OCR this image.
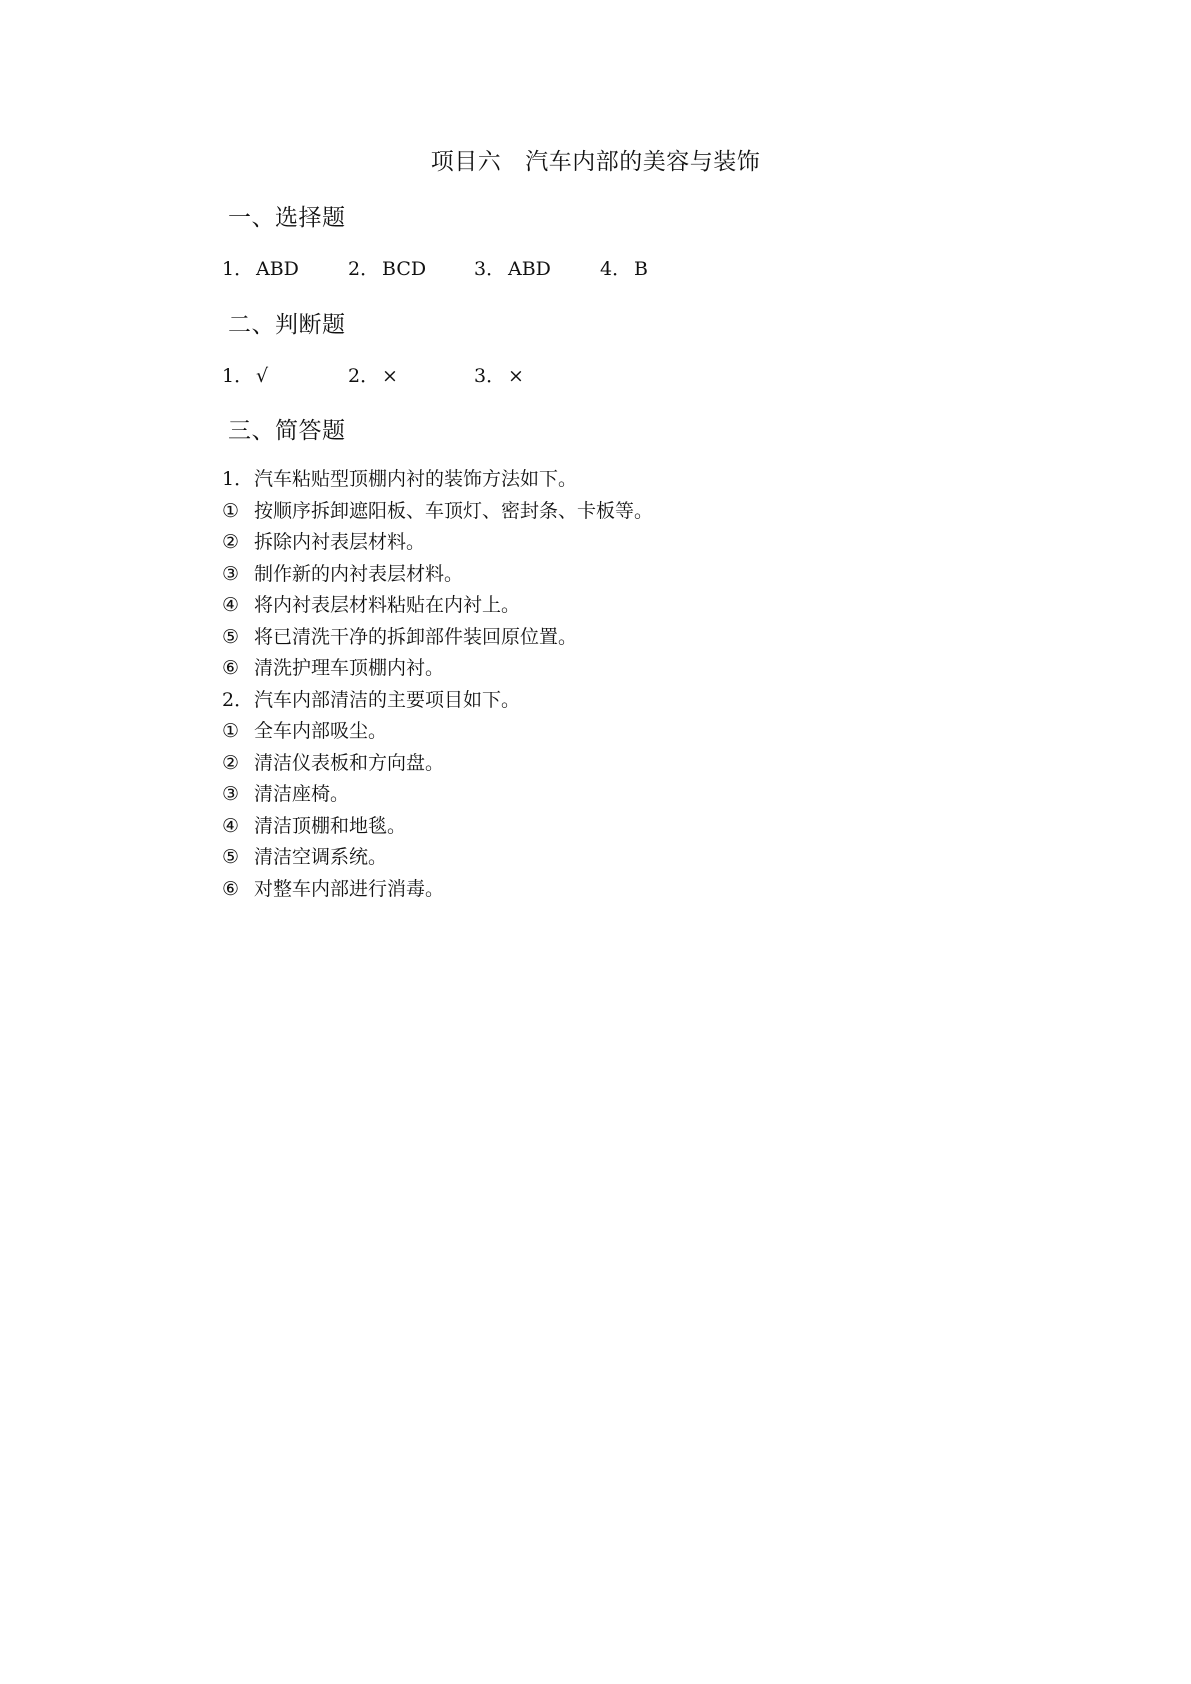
项目六 汽车内部的美容与装饰
一、选择题
1． ABD	2． BCD	3． ABD	4． B
二、判断题
1． √	2． ×	3． ×
三、简答题
1．汽车粘贴型顶棚内衬的装饰方法如下。
① 按顺序拆卸遮阳板、车顶灯、密封条、卡板等。
② 拆除内衬表层材料。
③ 制作新的内衬表层材料。
④ 将内衬表层材料粘贴在内衬上。
⑤ 将已清洗干净的拆卸部件装回原位置。
⑥ 清洗护理车顶棚内衬。
2．汽车内部清洁的主要项目如下。
① 全车内部吸尘。
② 清洁仪表板和方向盘。
③ 清洁座椅。
④ 清洁顶棚和地毯。
⑤ 清洁空调系统。
⑥ 对整车内部进行消毒。
